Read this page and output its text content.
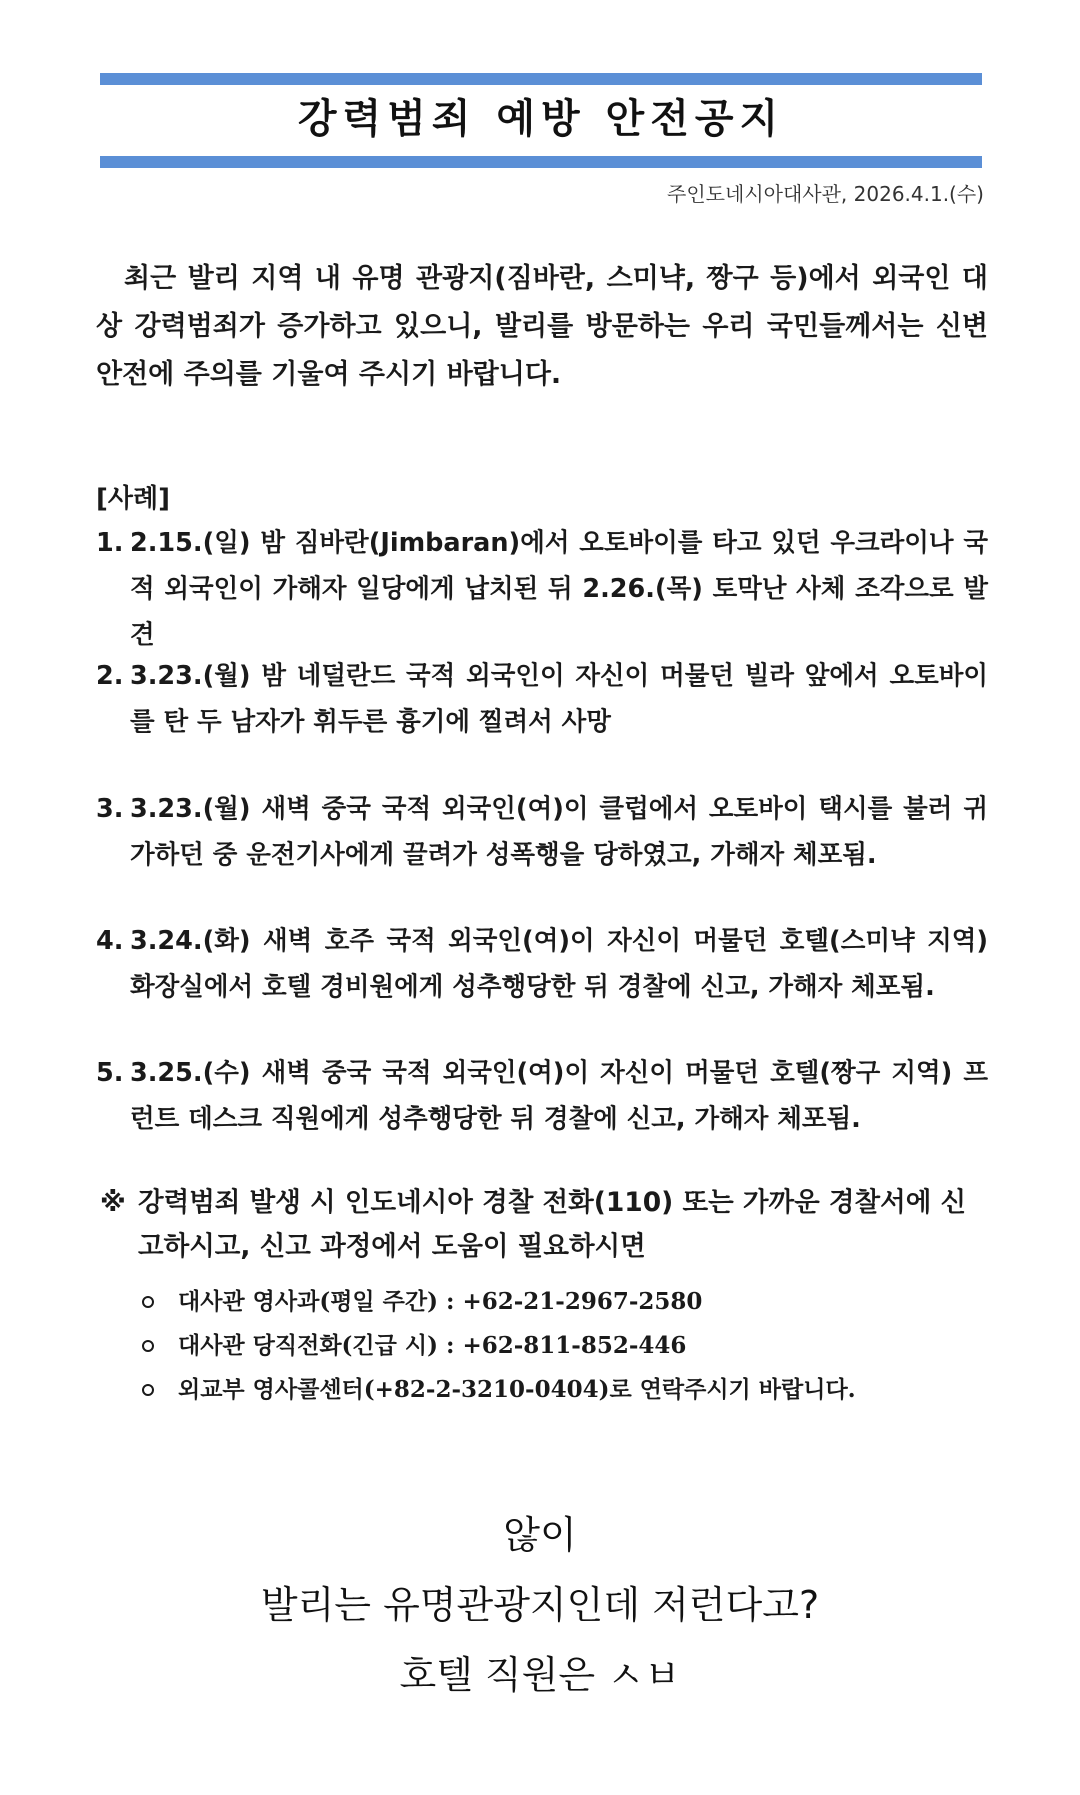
강력범죄 예방 안전공지
주인도네시아대사관, 2026.4.1.(수)
최근 발리 지역 내 유명 관광지(짐바란, 스미냑, 짱구 등)에서 외국인 대상 강력범죄가 증가하고 있으니, 발리를 방문하는 우리 국민들께서는 신변안전에 주의를 기울여 주시기 바랍니다.
[사례]
1. 2.15.(일) 밤 짐바란(Jimbaran)에서 오토바이를 타고 있던 우크라이나 국적 외국인이 가해자 일당에게 납치된 뒤 2.26.(목) 토막난 사체 조각으로 발견
2. 3.23.(월) 밤 네덜란드 국적 외국인이 자신이 머물던 빌라 앞에서 오토바이를 탄 두 남자가 휘두른 흉기에 찔려서 사망
3. 3.23.(월) 새벽 중국 국적 외국인(여)이 클럽에서 오토바이 택시를 불러 귀가하던 중 운전기사에게 끌려가 성폭행을 당하였고, 가해자 체포됨.
4. 3.24.(화) 새벽 호주 국적 외국인(여)이 자신이 머물던 호텔(스미냑 지역) 화장실에서 호텔 경비원에게 성추행당한 뒤 경찰에 신고, 가해자 체포됨.
5. 3.25.(수) 새벽 중국 국적 외국인(여)이 자신이 머물던 호텔(짱구 지역) 프런트 데스크 직원에게 성추행당한 뒤 경찰에 신고, 가해자 체포됨.
※ 강력범죄 발생 시 인도네시아 경찰 전화(110) 또는 가까운 경찰서에 신고하시고, 신고 과정에서 도움이 필요하시면
대사관 영사과(평일 주간) : +62-21-2967-2580
대사관 당직전화(긴급 시) : +62-811-852-446
외교부 영사콜센터(+82-2-3210-0404)로 연락주시기 바랍니다.
않이
발리는 유명관광지인데 저런다고?
호텔 직원은 ㅅㅂ
